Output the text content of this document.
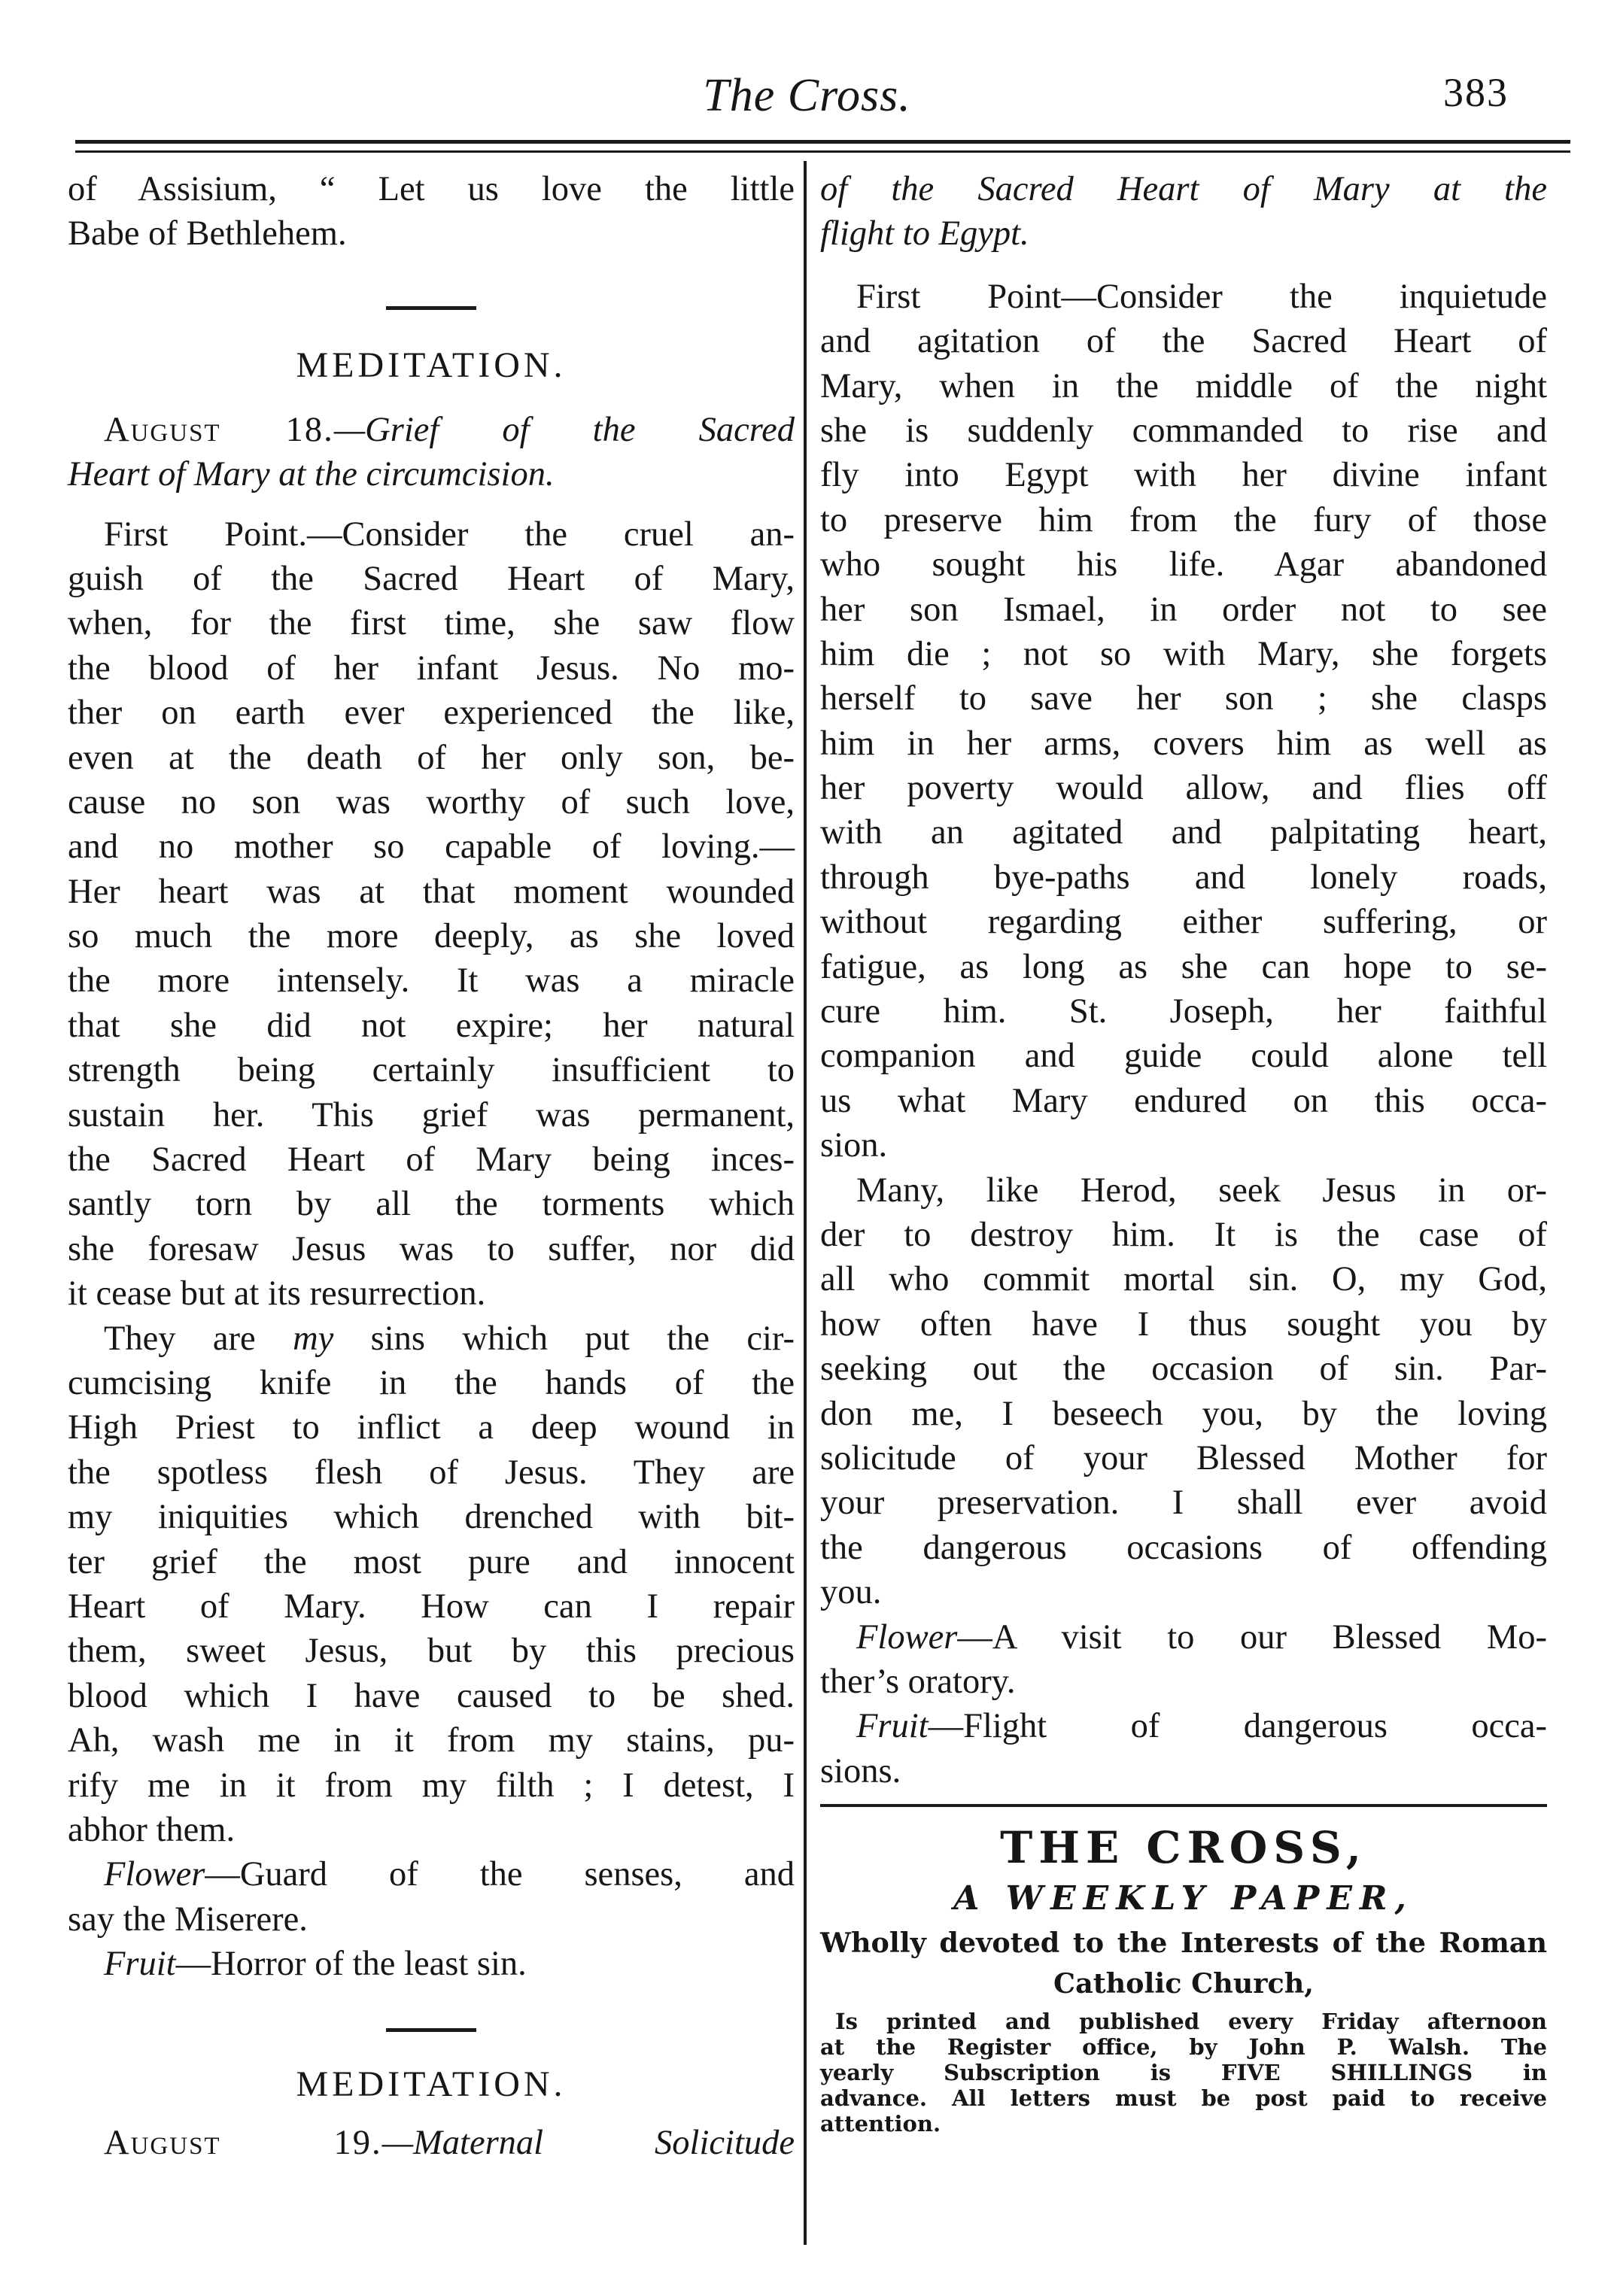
The Cross.	383

of Assisium, “ Let us love the little
Babe of Bethlehem.

MEDITATION.

August 18.—Grief of the Sacred
Heart of Mary at the circumcision.

First Point.—Consider the cruel an-
guish of the Sacred Heart of Mary,
when, for the first time, she saw flow
the blood of her infant Jesus. No mo-
ther on earth ever experienced the like,
even at the death of her only son, be-
cause no son was worthy of such love,
and no mother so capable of loving.—
Her heart was at that moment wounded
so much the more deeply, as she loved
the more intensely. It was a miracle
that she did not expire; her natural
strength being certainly insufficient to
sustain her. This grief was permanent,
the Sacred Heart of Mary being inces-
santly torn by all the torments which
she foresaw Jesus was to suffer, nor did
it cease but at its resurrection.

They are my sins which put the cir-
cumcising knife in the hands of the
High Priest to inflict a deep wound in
the spotless flesh of Jesus. They are
my iniquities which drenched with bit-
ter grief the most pure and innocent
Heart of Mary. How can I repair
them, sweet Jesus, but by this precious
blood which I have caused to be shed.
Ah, wash me in it from my stains, pu-
rify me in it from my filth ; I detest, I
abhor them.

Flower—Guard of the senses, and
say the Miserere.

Fruit—Horror of the least sin.

MEDITATION.

August 19.—Maternal Solicitude

of the Sacred Heart of Mary at the
flight to Egypt.

First Point—Consider the inquietude
and agitation of the Sacred Heart of
Mary, when in the middle of the night
she is suddenly commanded to rise and
fly into Egypt with her divine infant
to preserve him from the fury of those
who sought his life. Agar abandoned
her son Ismael, in order not to see
him die ; not so with Mary, she forgets
herself to save her son ; she clasps
him in her arms, covers him as well as
her poverty would allow, and flies off
with an agitated and palpitating heart,
through bye-paths and lonely roads,
without regarding either suffering, or
fatigue, as long as she can hope to se-
cure him. St. Joseph, her faithful
companion and guide could alone tell
us what Mary endured on this occa-
sion.

Many, like Herod, seek Jesus in or-
der to destroy him. It is the case of
all who commit mortal sin. O, my God,
how often have I thus sought you by
seeking out the occasion of sin. Par-
don me, I beseech you, by the loving
solicitude of your Blessed Mother for
your preservation. I shall ever avoid
the dangerous occasions of offending
you.

Flower—A visit to our Blessed Mo-
ther’s oratory.

Fruit—Flight of dangerous occa-
sions.

THE CROSS,
A WEEKLY PAPER,
Wholly devoted to the Interests of the Roman
Catholic Church,
Is printed and published every Friday afternoon
at the Register office, by John P. Walsh. The
yearly Subscription is FIVE SHILLINGS in
advance. All letters must be post paid to receive
attention.
